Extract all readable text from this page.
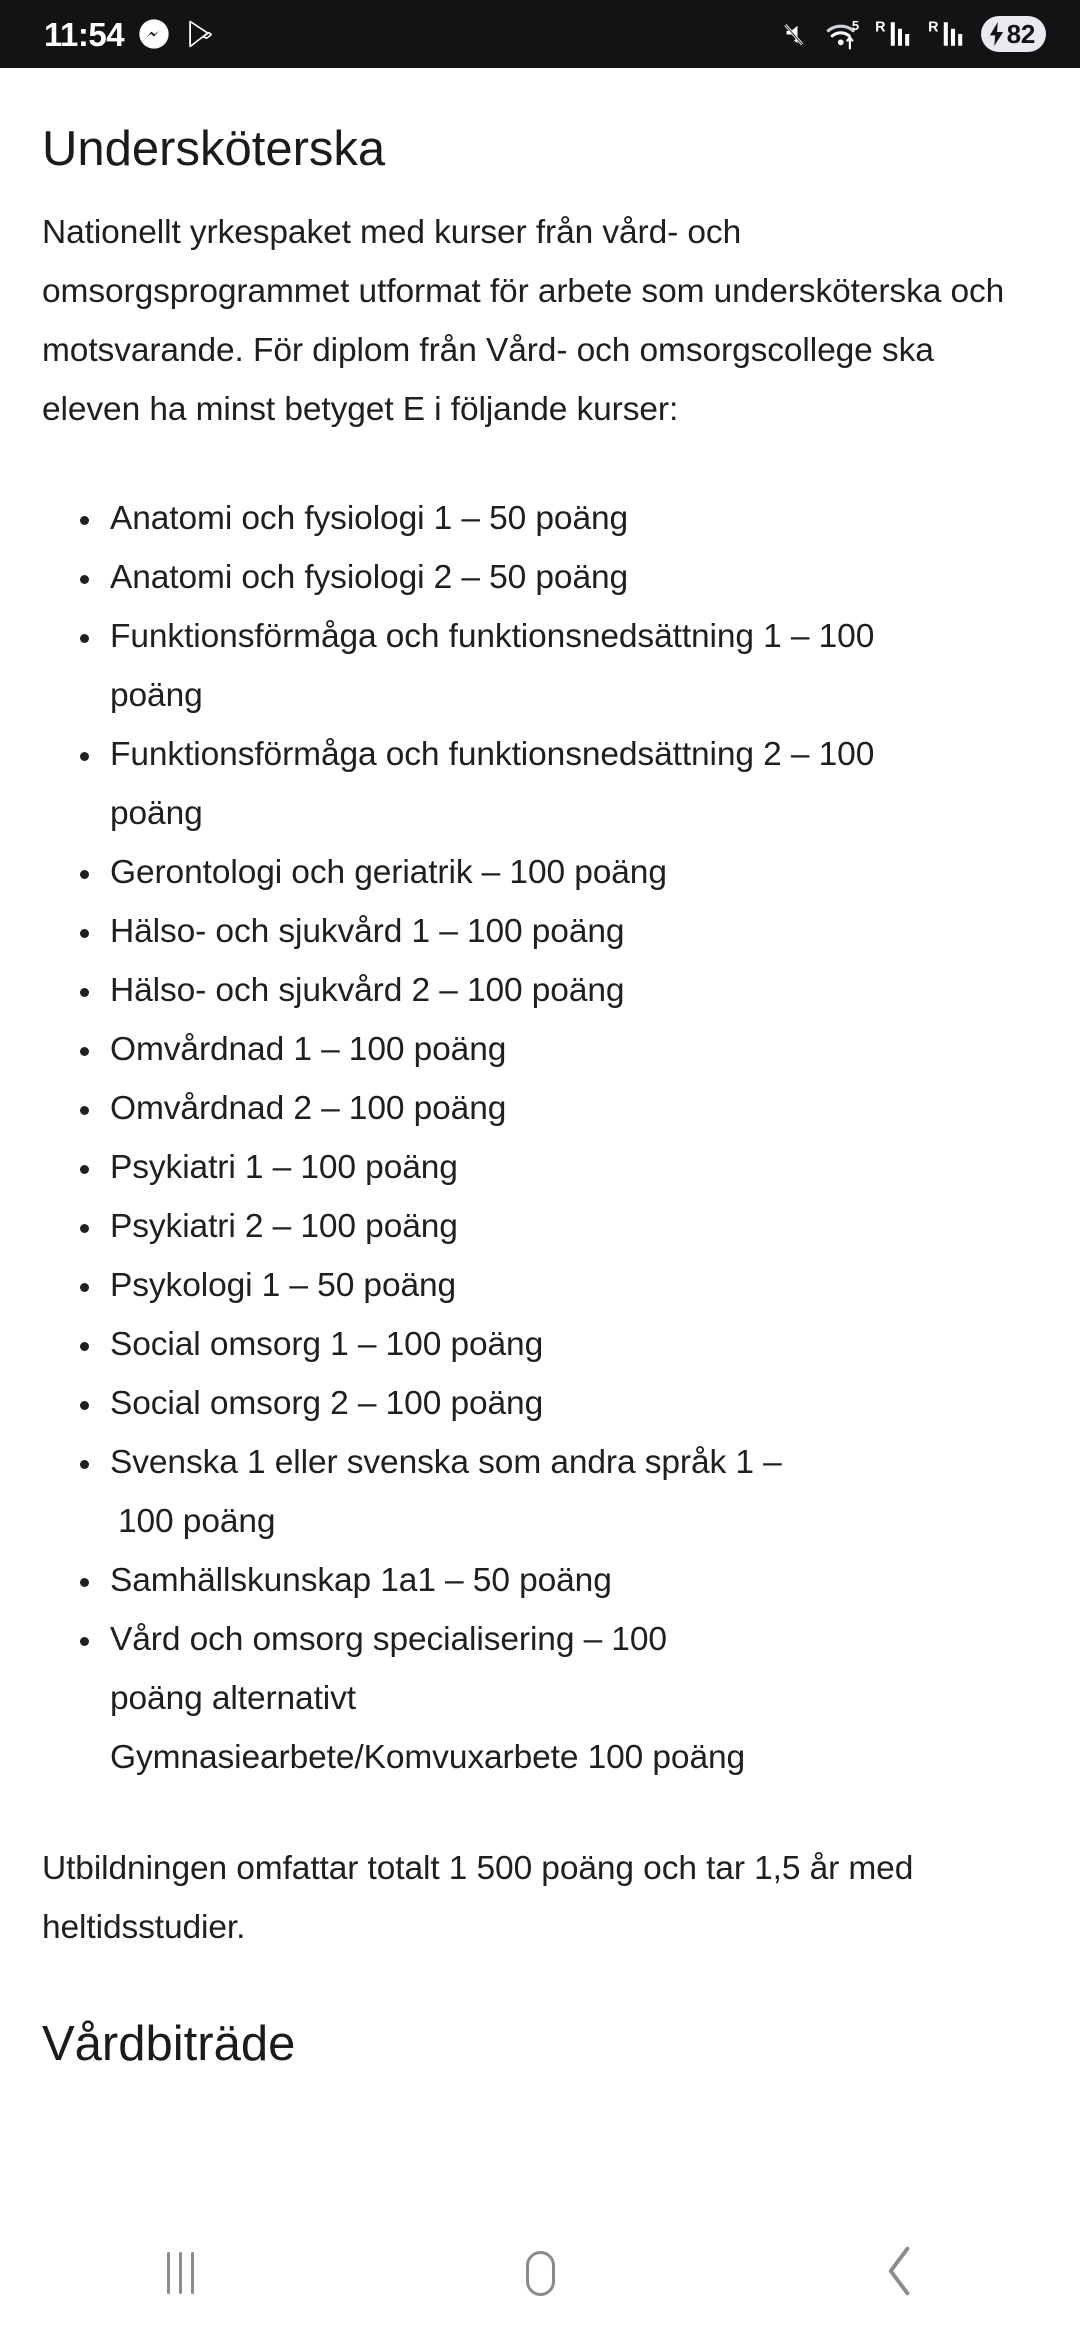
11:54	5 R	R	82
Undersköterska

Nationellt yrkespaket med kurser från vård- och omsorgsprogrammet utformat för arbete som undersköterska och motsvarande. För diplom från Vård- och omsorgscollege ska eleven ha minst betyget E i följande kurser:

Anatomi och fysiologi 1 – 50 poäng
Anatomi och fysiologi 2 – 50 poäng
Funktionsförmåga och funktionsnedsättning 1 – 100
poäng
Funktionsförmåga och funktionsnedsättning 2 – 100
poäng
Gerontologi och geriatrik – 100 poäng
Hälso- och sjukvård 1 – 100 poäng
Hälso- och sjukvård 2 – 100 poäng
Omvårdnad 1 – 100 poäng
Omvårdnad 2 – 100 poäng
Psykiatri 1 – 100 poäng
Psykiatri 2 – 100 poäng
Psykologi 1 – 50 poäng
Social omsorg 1 – 100 poäng
Social omsorg 2 – 100 poäng
Svenska 1 eller svenska som andra språk 1 –
100 poäng
Samhällskunskap 1a1 – 50 poäng
Vård och omsorg specialisering – 100
poäng alternativt
Gymnasiearbete/Komvuxarbete 100 poäng

Utbildningen omfattar totalt 1 500 poäng och tar 1,5 år med heltidsstudier.

Vårdbiträde
